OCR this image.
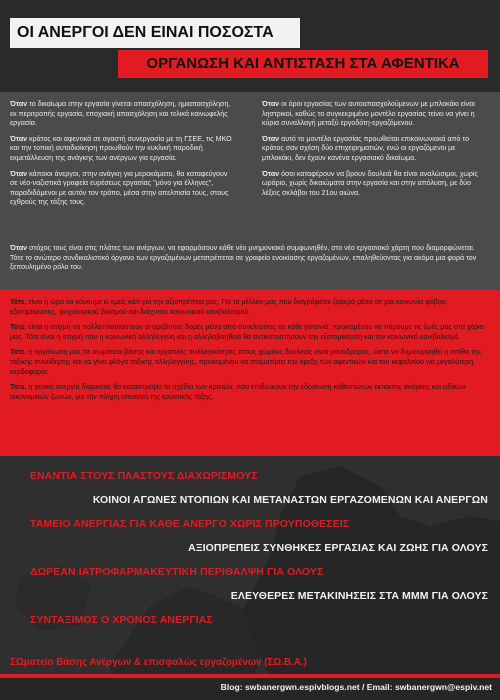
ΟΙ ΑΝΕΡΓΟΙ ΔΕΝ ΕΙΝΑΙ ΠΟΣΟΣΤΑ
ΟΡΓΑΝΩΣΗ ΚΑΙ ΑΝΤΙΣΤΑΣΗ ΣΤΑ ΑΦΕΝΤΙΚΑ
Όταν το δικαίωμα στην εργασία γίνεται απασχόληση, ημιαπασχόληση, εκ περιτροπής εργασία, εποχιακή απασχόληση και τελικά κοινωφελής εργασία.
Όταν κράτος και αφεντικά σε αγαστή συνεργασία με τη ΓΣΕΕ, τις ΜΚΟ και την τοπική αυτοδιοίκηση προωθούν την κυκλική παροδική εκμετάλλευση της ανάγκης των ανέργων για εργασία.
Όταν κάποιοι άνεργοι, στην ανάγκη για μεροκάματο, θα καταφεύγουν σε νέο-ναζιστικά γραφεία ευρέσεως εργασίας "μόνο για έλληνες", παραδιδόμενοι με αυτόν τον τρόπο, μέσα στην απελπισία τους, στους εχθρούς της τάξης τους.
Όταν οι όροι εργασίας των αυτοαπασχολούμενων με μπλοκάκι είναι ληστρικοί, καθώς το συγκεκριμένο μοντέλο εργασίας τείνει να γίνει η κύρια συναλλαγή μεταξύ εργοδότη-εργαζόμενου.
Όταν αυτό το μοντέλο εργασίας προωθείται επικοινωνιακά από το κράτος σαν σχέση δύο επιχειρηματιών, ενώ οι εργαζόμενοι με μπλοκάκι, δεν έχουν κανένα εργασιακό δικαίωμα.
Όταν όσοι καταφέρουν να βρουν δουλειά θα είναι αναλώσιμοι, χωρίς ωράριο, χωρίς δικαιώματα στην εργασία και στην απόλυση, με δύο λέξεις σκλάβοι του 21ου αιώνα.
Όταν στόχος τους είναι στις πλάτες των ανέργων, να εφαρμόσουν κάθε νέο μνημονιακό συμφωνηθέν, στο νέο εργασιακό χάρτη που διαμορφώνεται. Τότε το ανώτερο συνδικαλιστικό όργανο των εργαζομένων μετατρέπεται σε γραφείο ενοικίασης εργαζομένων, επαληθεύοντας για ακόμα μια φορά τον ξεπουλημένο ρόλο του.
Τότε, είναι η ώρα να κάνουμε κι εμείς κάτι για την αξιοπρέπεια μας. Για το μέλλον μας που διαγράφεται ζοφερό μέσα σε μια κοινωνία φόβου, εξατομίκευσης, ψυχολογικού βιασμού και διάχυτου κοινωνικού κανιβαλισμού.
Τότε, είναι η στιγμή να πολλαπλασιαστούν οι οριζόντιες δομές μέσα από συνελεύσεις σε κάθε γειτονιά, προκειμένου να πάρουμε τις ζωές μας στα χέρια μας. Τότε είναι η στιγμή που η κοινωνική αλληλεγγύη και η αλληλοβοήθεια θα αντικαταστήσουν την εξατομίκευση και τον κοινωνικό κανιβαλισμό.
Τότε, η οργάνωση μας σε σωματεία βάσης και εργατικές συλλογικότητες στους χώρους δουλειάς είναι μονόδρομος, ώστε να δημιουργηθεί η σπίθα της ταξικής συνείδησης και να γίνει φλόγα ταξικής αλληλεγγύης, προκειμένου να σταματήσει την όρεξη των αφεντικών και του κεφαλαίου για μεγαλύτερη κερδοφορία.
Τότε, η γενική ανεργία διαρκείας θα καταστρέψει τα σχέδια των κρατών, που επιδιώκουν την εδραίωση καθεστώτων έκτακτης ανάγκης και ειδικών οικονομικών ζωνών, για την πλήρη υποταγή της εργατικής τάξης.
ΕΝΑΝΤΙΑ ΣΤΟΥΣ ΠΛΑΣΤΟΥΣ ΔΙΑΧΩΡΙΣΜΟΥΣ
ΚΟΙΝΟΙ ΑΓΩΝΕΣ ΝΤΟΠΙΩΝ ΚΑΙ ΜΕΤΑΝΑΣΤΩΝ ΕΡΓΑΖΟΜΕΝΩΝ ΚΑΙ ΑΝΕΡΓΩΝ
ΤΑΜΕΙΟ ΑΝΕΡΓΙΑΣ ΓΙΑ ΚΑΘΕ ΑΝΕΡΓΟ ΧΩΡΙΣ ΠΡΟΥΠΟΘΕΣΕΙΣ
ΑΞΙΟΠΡΕΠΕΙΣ ΣΥΝΘΗΚΕΣ ΕΡΓΑΣΙΑΣ ΚΑΙ ΖΩΗΣ ΓΙΑ ΟΛΟΥΣ
ΔΩΡΕΑΝ ΙΑΤΡΟΦΑΡΜΑΚΕΥΤΙΚΗ ΠΕΡΙΘΑΛΨΗ ΓΙΑ ΟΛΟΥΣ
ΕΛΕΥΘΕΡΕΣ ΜΕΤΑΚΙΝΗΣΕΙΣ ΣΤΑ ΜΜΜ ΓΙΑ ΟΛΟΥΣ
ΣΥΝΤΑΞΙΜΟΣ Ο ΧΡΟΝΟΣ ΑΝΕΡΓΙΑΣ
ΣΩματείο Βάσης Ανέργων & επισφαλώς εργαζομένων (ΣΩ.Β.Α.)
Blog: swbanergwn.espivblogs.net / Email: swbanergwn@espiv.net
